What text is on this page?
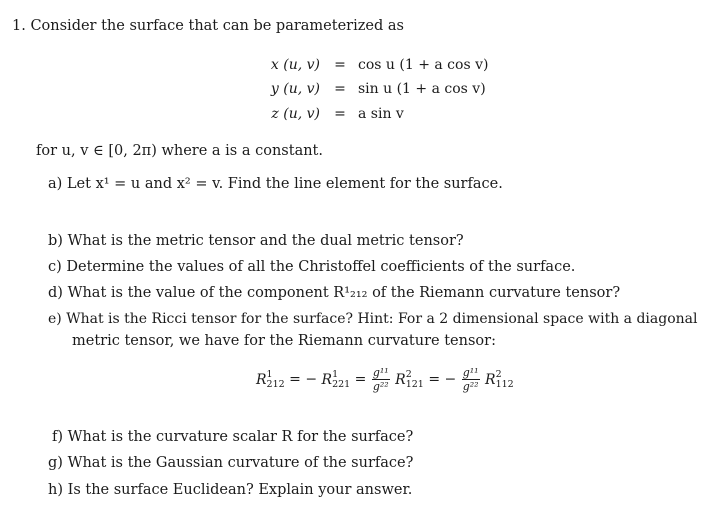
1. Consider the surface that can be parameterized as
x (u, v) = cos u (1 + a cos v)
y (u, v) = sin u (1 + a cos v)
z (u, v) = a sin v
for u, v ∈ [0, 2π) where a is a constant.
a) Let x¹ = u and x² = v. Find the line element for the surface.
b) What is the metric tensor and the dual metric tensor?
c) Determine the values of all the Christoffel coefficients of the surface.
d) What is the value of the component R¹₂₁₂ of the Riemann curvature tensor?
e) What is the Ricci tensor for the surface? Hint: For a 2 dimensional space with a diagonal
metric tensor, we have for the Riemann curvature tensor:
R 1
212 = − R 1
$221 = \frac{\text{g¹¹}}{\text{g²²}}$ R 2
121 = − $\frac{\text{g¹¹}}{\text{g²²}}$ R 2
112
f) What is the curvature scalar R for the surface?
g) What is the Gaussian curvature of the surface?
h) Is the surface Euclidean? Explain your answer.
